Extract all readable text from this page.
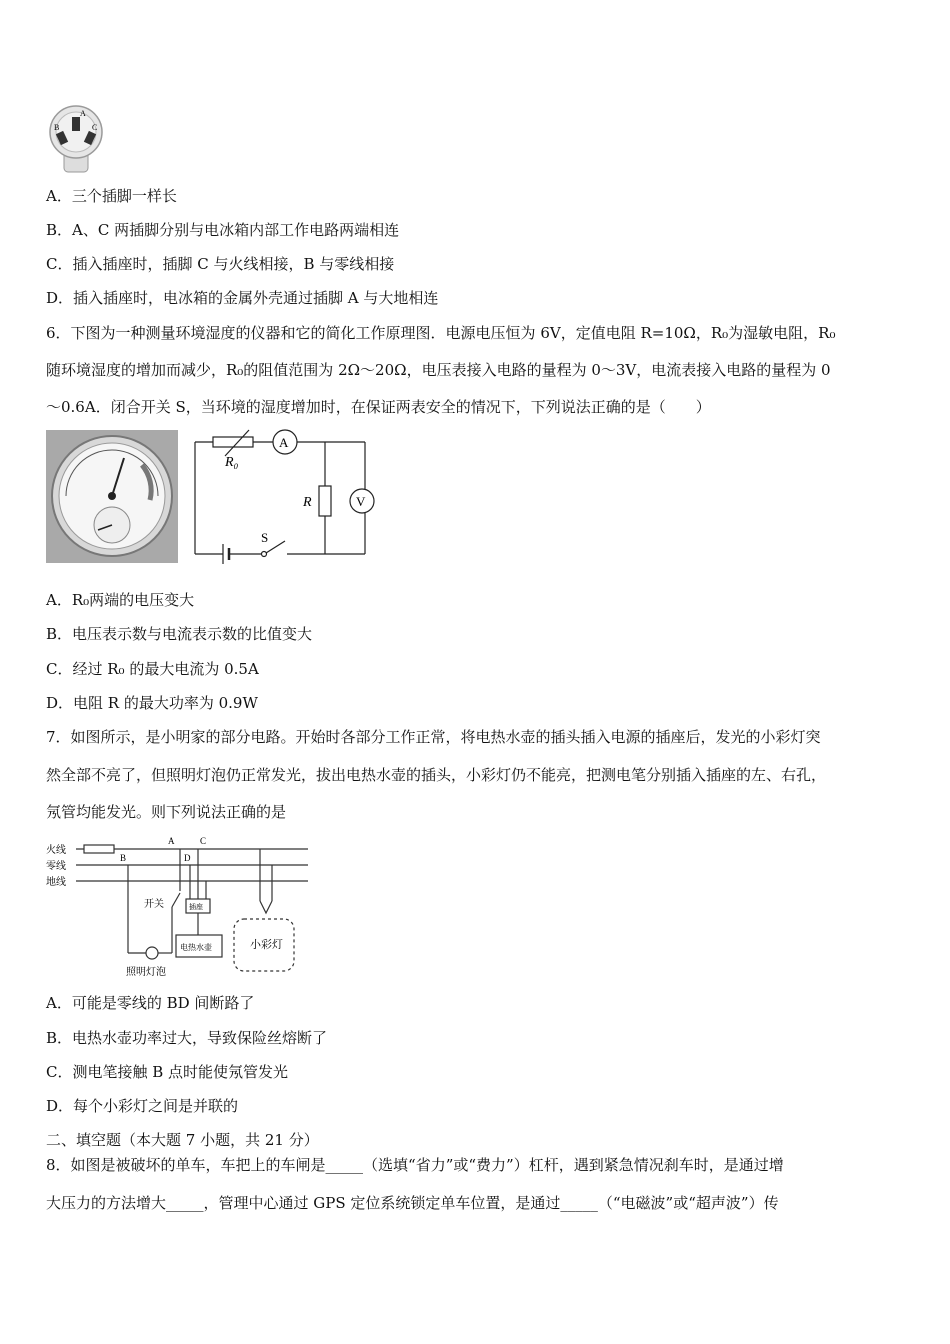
A
B	C
A．三个插脚一样长
B．A、C 两插脚分别与电冰箱内部工作电路两端相连
C．插入插座时，插脚 C 与火线相接，B 与零线相接
D．插入插座时，电冰箱的金属外壳通过插脚 A 与大地相连
6．下图为一种测量环境湿度的仪器和它的简化工作原理图．电源电压恒为 6V，定值电阻 R=10Ω，R₀为湿敏电阻，R₀
随环境湿度的增加而减少，R₀的阻值范围为 2Ω～20Ω，电压表接入电路的量程为 0～3V，电流表接入电路的量程为 0
～0.6A．闭合开关 S，当环境的湿度增加时，在保证两表安全的情况下，下列说法正确的是（　　）
R₀
A
R	V
S
A．R₀两端的电压变大
B．电压表示数与电流表示数的比值变大
C．经过 R₀ 的最大电流为 0.5A
D．电阻 R 的最大功率为 0.9W
7．如图所示，是小明家的部分电路。开始时各部分工作正常，将电热水壶的插头插入电源的插座后，发光的小彩灯突
然全部不亮了，但照明灯泡仍正常发光，拔出电热水壶的插头，小彩灯仍不能亮，把测电笔分别插入插座的左、右孔，
氖管均能发光。则下列说法正确的是
火线
零线
地线
A	C
B	D
开关	插座
电热水壶
照明灯泡
小彩灯
A．可能是零线的 BD 间断路了
B．电热水壶功率过大，导致保险丝熔断了
C．测电笔接触 B 点时能使氖管发光
D．每个小彩灯之间是并联的
二、填空题（本大题 7 小题，共 21 分）
8．如图是被破坏的单车，车把上的车闸是_____（选填“省力”或“费力”）杠杆，遇到紧急情况刹车时，是通过增
大压力的方法增大_____，管理中心通过 GPS 定位系统锁定单车位置，是通过_____（“电磁波”或“超声波”）传
